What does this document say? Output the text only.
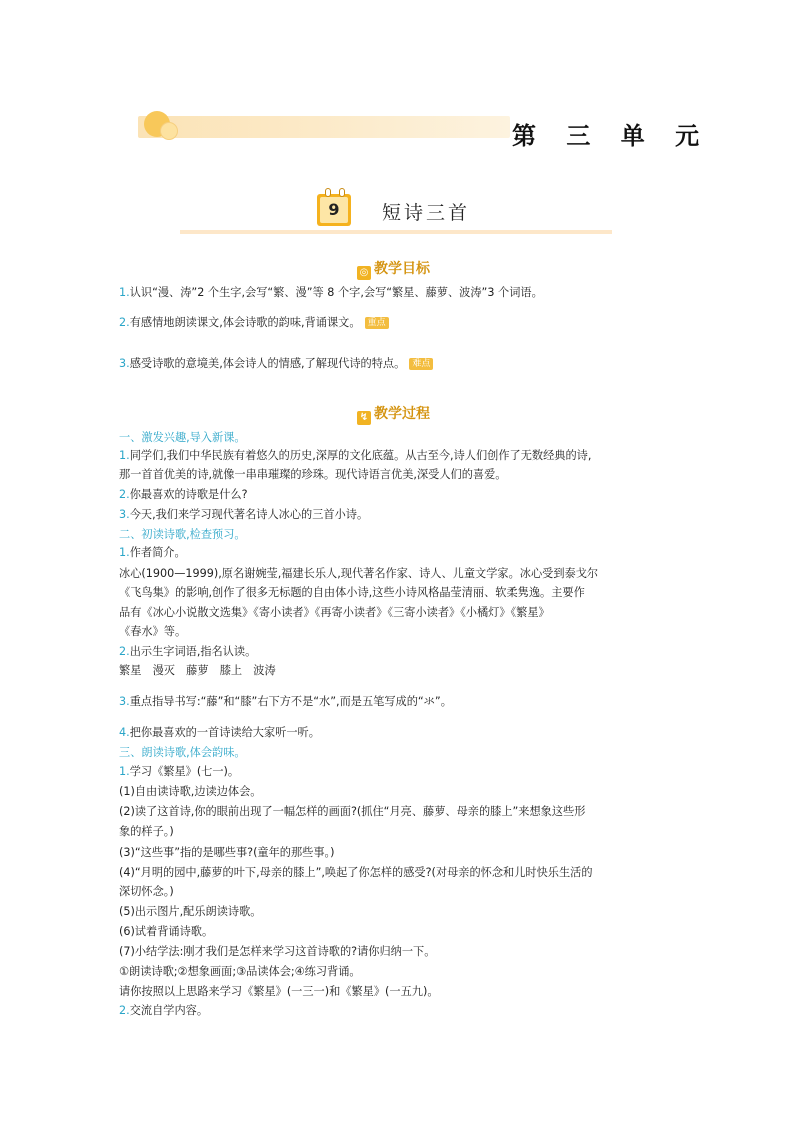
第 三 单 元
9	短诗三首
◎ 教学目标
1.认识“漫、涛”2 个生字,会写“繁、漫”等 8 个字,会写“繁星、藤萝、波涛”3 个词语。
2.有感情地朗读课文,体会诗歌的韵味,背诵课文。 重点
3.感受诗歌的意境美,体会诗人的情感,了解现代诗的特点。 难点
↯ 教学过程
一、激发兴趣,导入新课。
1.同学们,我们中华民族有着悠久的历史,深厚的文化底蕴。从古至今,诗人们创作了无数经典的诗,
那一首首优美的诗,就像一串串璀璨的珍珠。现代诗语言优美,深受人们的喜爱。
2.你最喜欢的诗歌是什么?
3.今天,我们来学习现代著名诗人冰心的三首小诗。
二、初读诗歌,检查预习。
1.作者简介。
冰心(1900—1999),原名谢婉莹,福建长乐人,现代著名作家、诗人、儿童文学家。冰心受到泰戈尔
《飞鸟集》的影响,创作了很多无标题的自由体小诗,这些小诗风格晶莹清丽、软柔隽逸。主要作
品有《冰心小说散文选集》《寄小读者》《再寄小读者》《三寄小读者》《小橘灯》《繁星》
《春水》等。
2.出示生字词语,指名认读。
繁星　漫灭　藤萝　膝上　波涛
3.重点指导书写:“藤”和“膝”右下方不是“水”,而是五笔写成的“氺”。
4.把你最喜欢的一首诗读给大家听一听。
三、朗读诗歌,体会韵味。
1.学习《繁星》(七一)。
(1)自由读诗歌,边读边体会。
(2)读了这首诗,你的眼前出现了一幅怎样的画面?(抓住“月亮、藤萝、母亲的膝上”来想象这些形
象的样子。)
(3)“这些事”指的是哪些事?(童年的那些事。)
(4)“月明的园中,藤萝的叶下,母亲的膝上”,唤起了你怎样的感受?(对母亲的怀念和儿时快乐生活的
深切怀念。)
(5)出示图片,配乐朗读诗歌。
(6)试着背诵诗歌。
(7)小结学法:刚才我们是怎样来学习这首诗歌的?请你归纳一下。
①朗读诗歌;②想象画面;③品读体会;④练习背诵。
请你按照以上思路来学习《繁星》(一三一)和《繁星》(一五九)。
2.交流自学内容。
